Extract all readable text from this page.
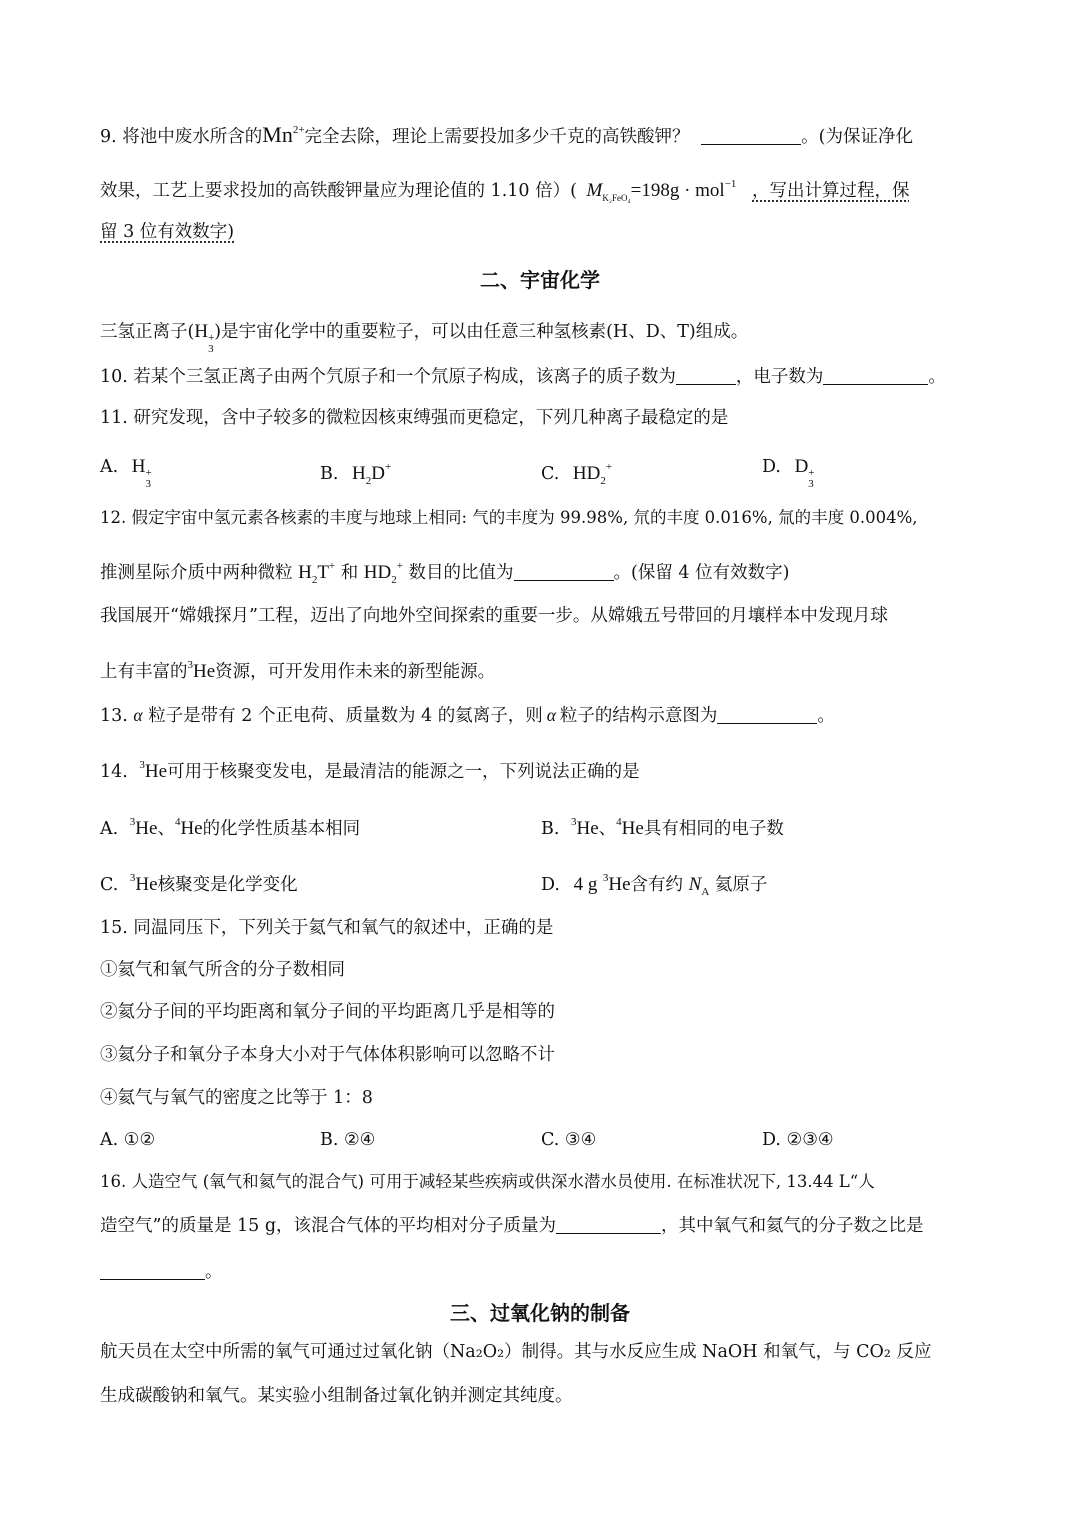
9. 将池中废水所含的$Mn^{2+}$完全去除，理论上需要投加多少千克的高铁酸钾？	。(为保证净化
效果，工艺上要求投加的高铁酸钾量应为理论值的 1.10 倍）( $M_{K_2FeO_4}=198g \cdot mol^{-1}$ ，写出计算过程，保
留 3 位有效数字)
二、宇宙化学
三氢正离子(H +
3
)是宇宙化学中的重要粒子，可以由任意三种氢核素(H、D、T)组成。
10. 若某个三氢正离子由两个氕原子和一个氘原子构成，该离子的质子数为	，电子数为	。
11. 研究发现，含中子较多的微粒因核束缚强而更稳定，下列几种离子最稳定的是
A. H +
3	B. $H_2D^+$	C. $HD_2^+$	D. D +
3
12. 假定宇宙中氢元素各核素的丰度与地球上相同: 气的丰度为 99.98%, 氘的丰度 0.016%, 氚的丰度 0.004%,
推测星际介质中两种微粒 $H_2T^+$ 和 $HD_2^+$ 数目的比值为	。(保留 4 位有效数字)
我国展开“嫦娥探月”工程，迈出了向地外空间探索的重要一步。从嫦娥五号带回的月壤样本中发现月球
上有丰富的$^3$He资源，可开发用作未来的新型能源。
13. α 粒子是带有 2 个正电荷、质量数为 4 的氦离子，则 α 粒子的结构示意图为	。
14. $^3$He可用于核聚变发电，是最清洁的能源之一，下列说法正确的是
A. $^3$He、$^4$He的化学性质基本相同	B. $^3$He、$^4$He具有相同的电子数
C. $^3$He核聚变是化学变化	D. 4 g $^3$He含有约 $N_A$ 氦原子
15. 同温同压下，下列关于氦气和氧气的叙述中，正确的是
①氦气和氧气所含的分子数相同
②氦分子间的平均距离和氧分子间的平均距离几乎是相等的
③氦分子和氧分子本身大小对于气体体积影响可以忽略不计
④氦气与氧气的密度之比等于 1：8
A. ①②	B. ②④	C. ③④	D. ②③④
16. 人造空气 (氧气和氦气的混合气) 可用于减轻某些疾病或供深水潜水员使用. 在标准状况下, 13.44 L“人
造空气”的质量是 15 g，该混合气体的平均相对分子质量为	，其中氧气和氦气的分子数之比是
。
三、过氧化钠的制备
航天员在太空中所需的氧气可通过过氧化钠（Na₂O₂）制得。其与水反应生成 NaOH 和氧气，与 CO₂ 反应
生成碳酸钠和氧气。某实验小组制备过氧化钠并测定其纯度。
